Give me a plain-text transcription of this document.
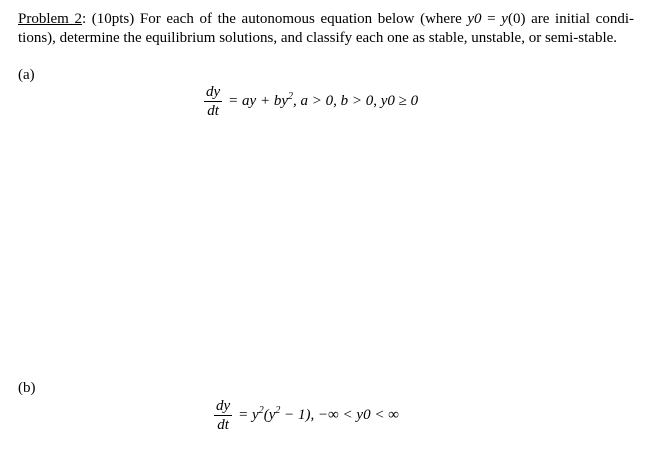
Problem 2: (10pts) For each of the autonomous equation below (where y0 = y(0) are initial condi- tions), determine the equilibrium solutions, and classify each one as stable, unstable, or semi-stable.
(a)
$\frac{dy}{dt}$ = ay + $by^2$, a > 0, b > 0, y0 ≥ 0
(b)
$\frac{dy}{dt} = y^2(y^2 - 1)$, −∞ < y0 < ∞
